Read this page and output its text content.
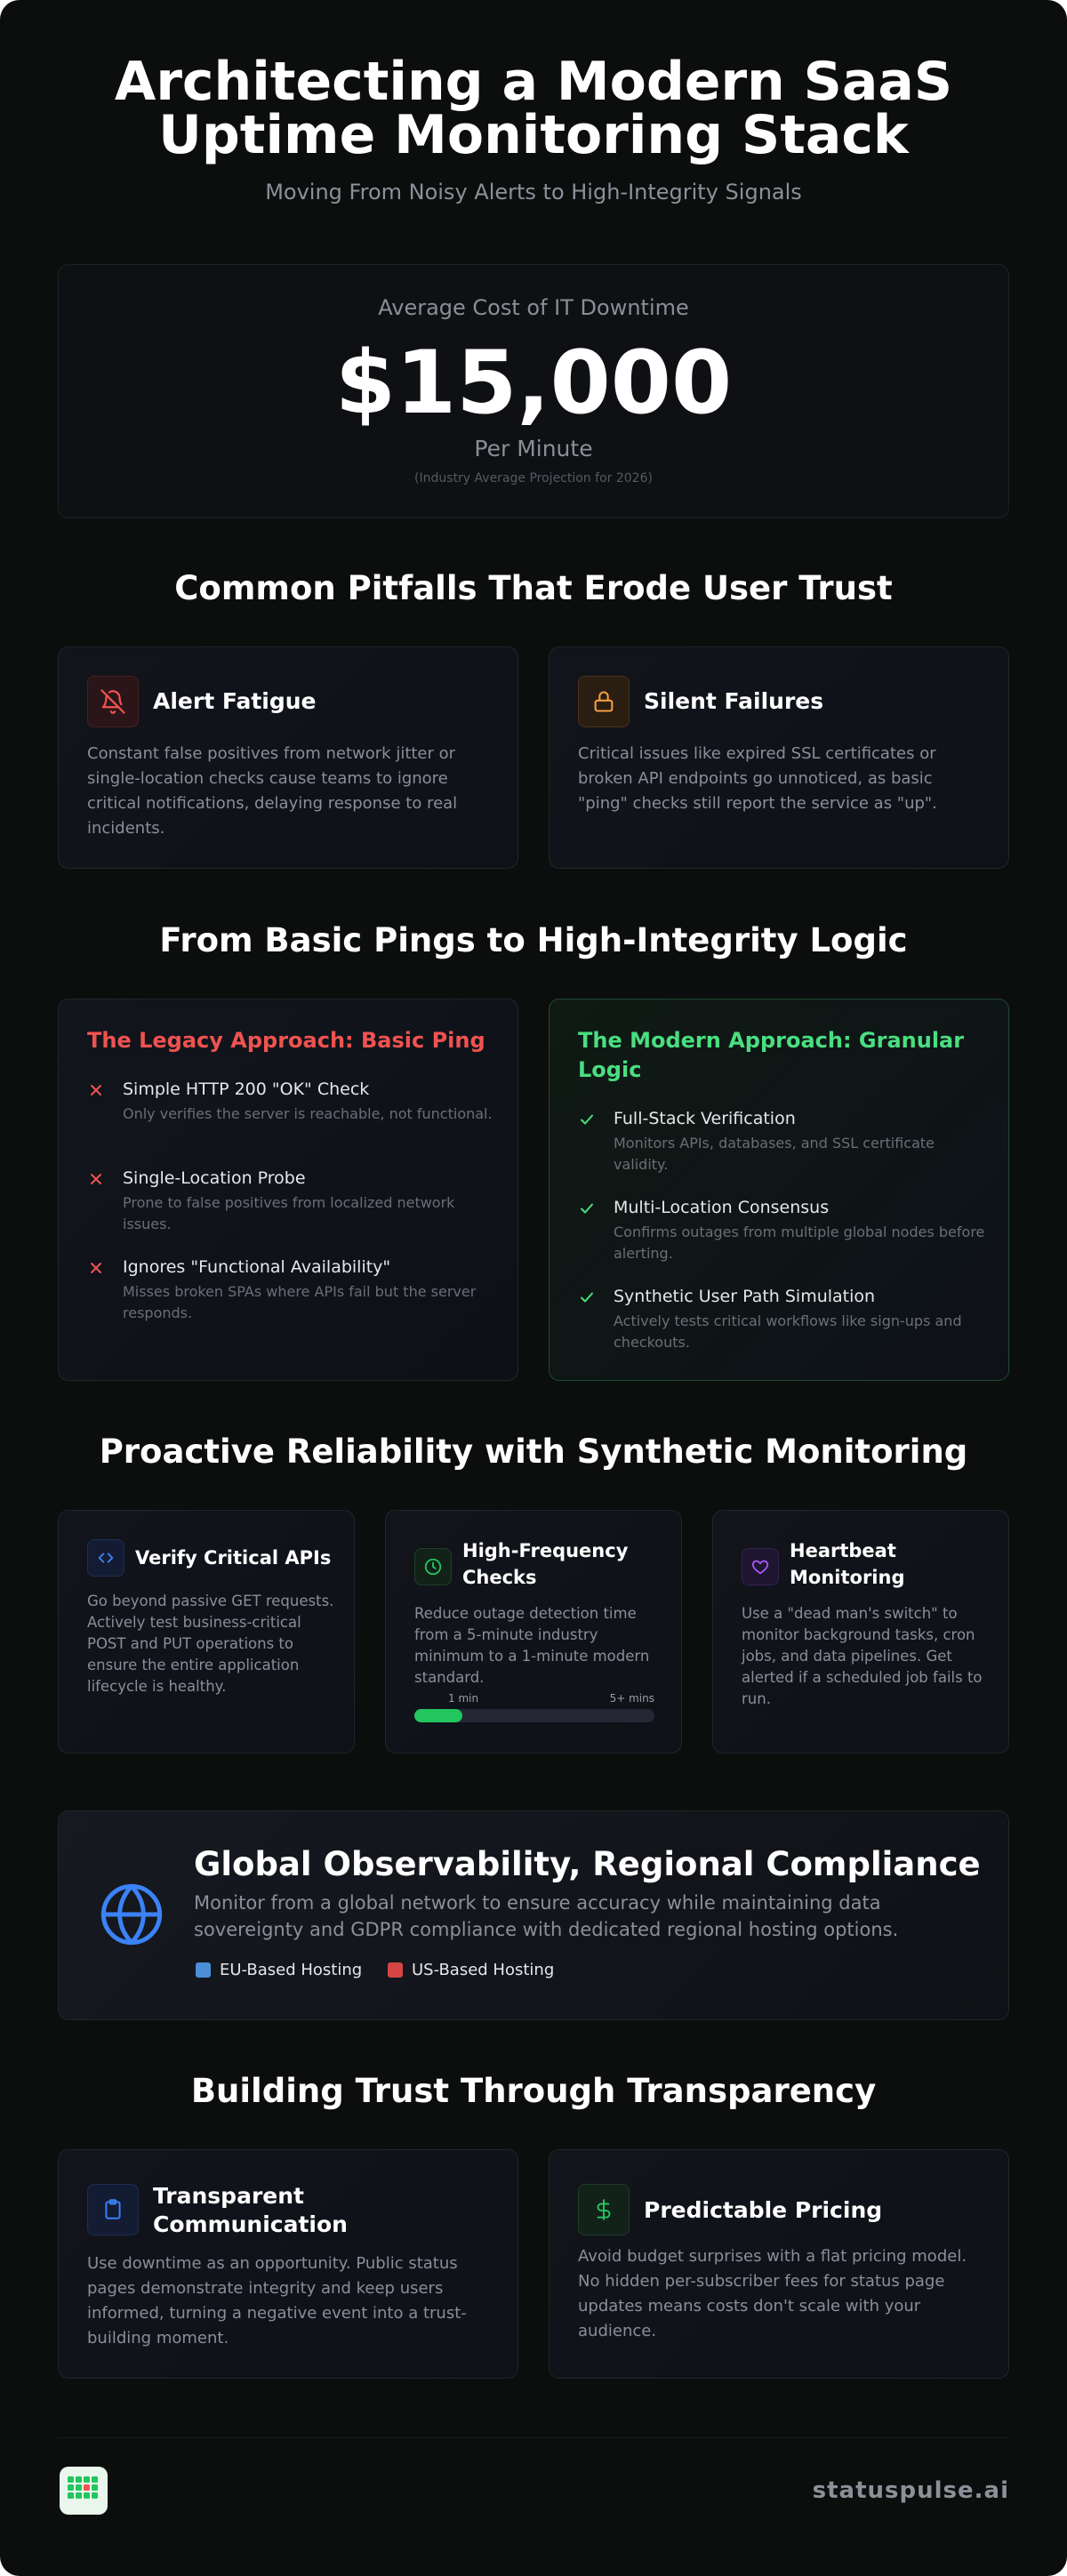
Architecting a Modern SaaS
Uptime Monitoring Stack
Moving From Noisy Alerts to High-Integrity Signals
Average Cost of IT Downtime
$15,000
Per Minute
(Industry Average Projection for 2026)
Common Pitfalls That Erode User Trust
Alert Fatigue
Constant false positives from network jitter or single-location checks cause teams to ignore critical notifications, delaying response to real incidents.
Silent Failures
Critical issues like expired SSL certificates or broken API endpoints go unnoticed, as basic "ping" checks still report the service as "up".
From Basic Pings to High-Integrity Logic
The Legacy Approach: Basic Ping
Simple HTTP 200 "OK" Check
Only verifies the server is reachable, not functional.
Single-Location Probe
Prone to false positives from localized network issues.
Ignores "Functional Availability"
Misses broken SPAs where APIs fail but the server responds.
The Modern Approach: Granular Logic
Full-Stack Verification
Monitors APIs, databases, and SSL certificate validity.
Multi-Location Consensus
Confirms outages from multiple global nodes before alerting.
Synthetic User Path Simulation
Actively tests critical workflows like sign-ups and checkouts.
Proactive Reliability with Synthetic Monitoring
Verify Critical APIs
Go beyond passive GET requests. Actively test business-critical POST and PUT operations to ensure the entire application lifecycle is healthy.
High-Frequency Checks
Reduce outage detection time from a 5-minute industry minimum to a 1-minute modern standard.
1 min	5+ mins
Heartbeat Monitoring
Use a "dead man's switch" to monitor background tasks, cron jobs, and data pipelines. Get alerted if a scheduled job fails to run.
Global Observability, Regional Compliance
Monitor from a global network to ensure accuracy while maintaining data sovereignty and GDPR compliance with dedicated regional hosting options.
EU-Based Hosting	US-Based Hosting
Building Trust Through Transparency
Transparent Communication
Use downtime as an opportunity. Public status pages demonstrate integrity and keep users informed, turning a negative event into a trust-building moment.
Predictable Pricing
Avoid budget surprises with a flat pricing model. No hidden per-subscriber fees for status page updates means costs don't scale with your audience.
statuspulse.ai
